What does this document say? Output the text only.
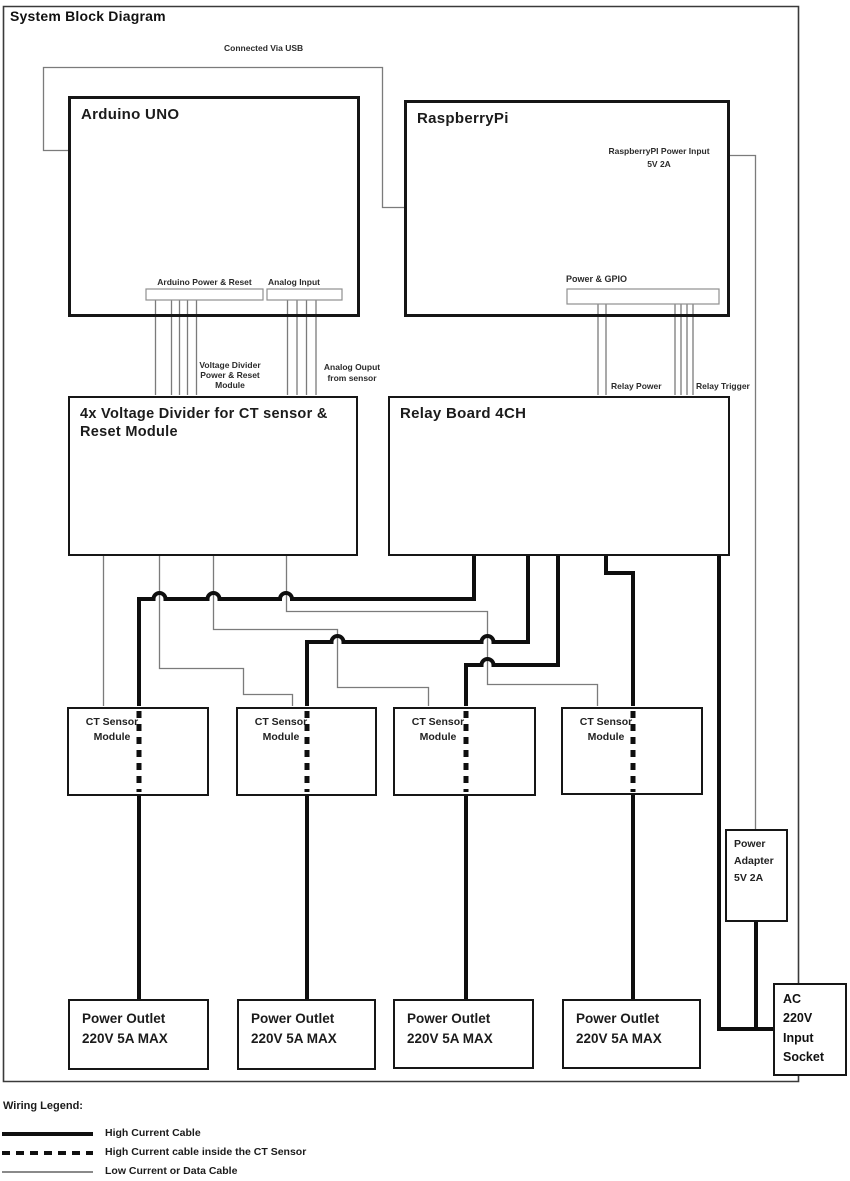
System Block Diagram
Arduino UNO	RaspberryPi
4x Voltage Divider for CT sensor &
Reset Module
Relay Board 4CH
CT Sensor
Module
CT Sensor
Module
CT Sensor
Module
CT Sensor
Module
Power
Adapter
5V 2A
Power Outlet
220V 5A MAX
Power Outlet
220V 5A MAX
Power Outlet
220V 5A MAX
Power Outlet
220V 5A MAX
AC
220V
Input
Socket
Connected Via USB
RaspberryPI Power Input
5V 2A
Arduino Power & Reset	Analog Input	Power & GPIO
Voltage Divider
Power & Reset
Module
Analog Ouput
from sensor
Relay Power	Relay Trigger
Wiring Legend:
High Current Cable
High Current cable inside the CT Sensor
Low Current or Data Cable
